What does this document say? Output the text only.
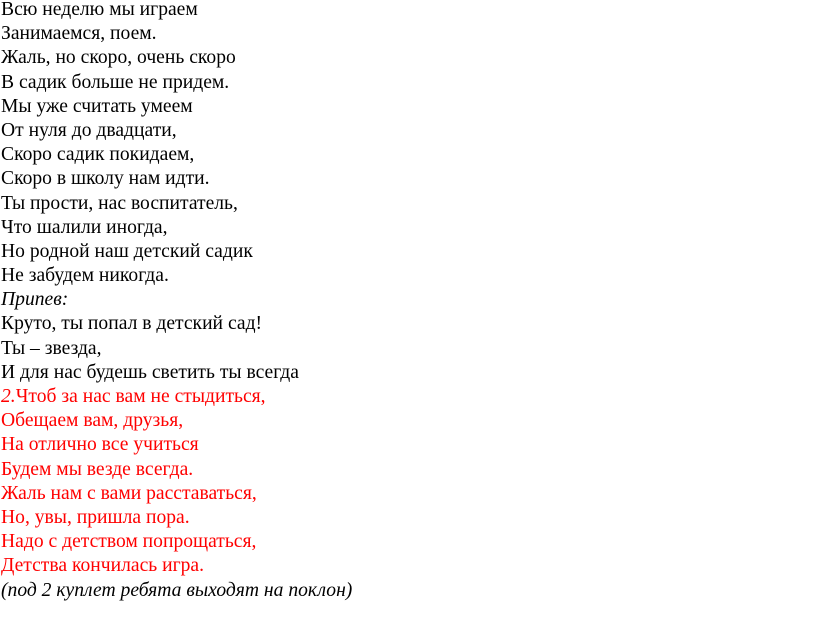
Всю неделю мы играем
Занимаемся, поем.
Жаль, но скоро, очень скоро
В садик больше не придем.
Мы уже считать умеем
От нуля до двадцати,
Скоро садик покидаем,
Скоро в школу нам идти.
Ты прости, нас воспитатель,
Что шалили иногда,
Но родной наш детский садик
Не забудем никогда.
Припев:
Круто, ты попал в детский сад!
Ты – звезда,
И для нас будешь светить ты всегда
2.Чтоб за нас вам не стыдиться,
Обещаем вам, друзья,
На отлично все учиться
Будем мы везде всегда.
Жаль нам с вами расставаться,
Но, увы, пришла пора.
Надо с детством попрощаться,
Детства кончилась игра.
(под 2 куплет ребята выходят на поклон)
